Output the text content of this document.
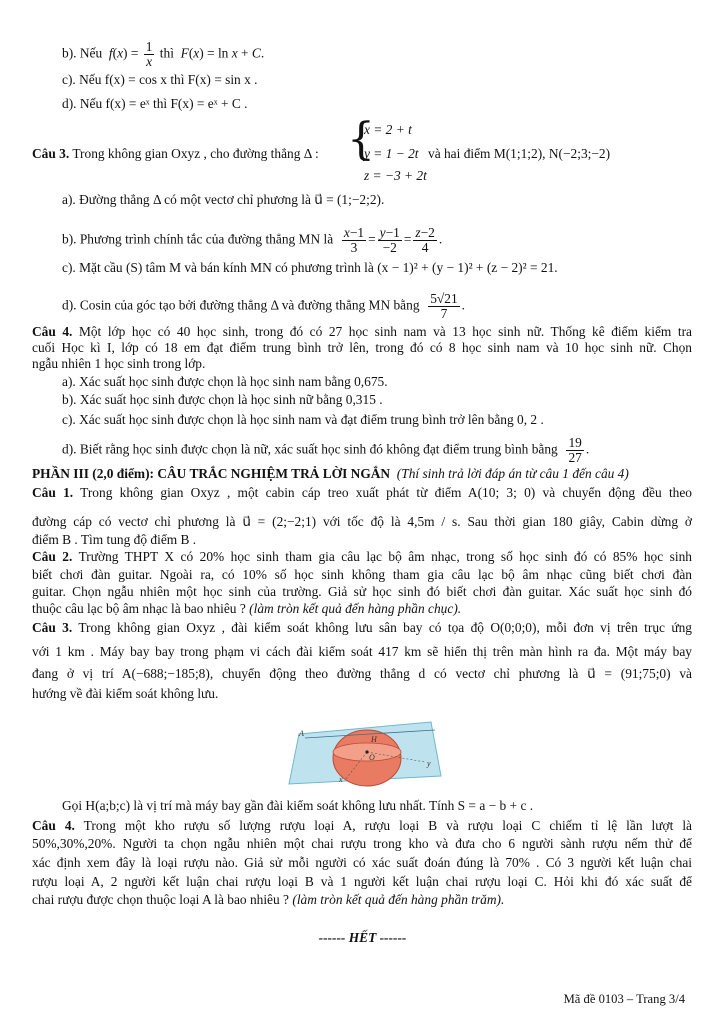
b). Nếu  $f(x) = \frac{1}{x}$ thì  F(x) = ln x + C.
c). Nếu f(x) = cos x thì F(x) = sin x .
d). Nếu f(x) = eˣ thì F(x) = eˣ + C .
Câu 3. Trong không gian Oxyz , cho đường thẳng Δ : {
x = 2 + t
y = 1 − 2t
z = −3 + 2t
và hai điểm M(1;1;2), N(−2;3;−2)
a). Đường thẳng Δ có một vectơ chỉ phương là u⃗ = (1;−2;2).
b). Phương trình chính tắc của đường thẳng MN là $\frac{x-1}{3} = \frac{y-1}{-2} = \frac{z-2}{4}$ .
c). Mặt cầu (S) tâm M và bán kính MN có phương trình là (x − 1)² + (y − 1)² + (z − 2)² = 21.
d). Cosin của góc tạo bởi đường thẳng Δ và đường thẳng MN bằng $\frac{5√21}{7}$ .
Câu 4. Một lớp học có 40 học sinh, trong đó có 27 học sinh nam và 13 học sinh nữ. Thống kê điểm kiểm tra
cuối Học kì I, lớp có 18 em đạt điểm trung bình trở lên, trong đó có 8 học sinh nam và 10 học sinh nữ. Chọn
ngẫu nhiên 1 học sinh trong lớp.
a). Xác suất học sinh được chọn là học sinh nam bằng 0,675.
b). Xác suất học sinh được chọn là học sinh nữ bằng 0,315 .
c). Xác suất học sinh được chọn là học sinh nam và đạt điểm trung bình trở lên bằng 0, 2 .
d). Biết rằng học sinh được chọn là nữ, xác suất học sinh đó không đạt điểm trung bình bằng $\frac{19}{27}$ .
PHẦN III (2,0 điểm): CÂU TRẮC NGHIỆM TRẢ LỜI NGẮN (Thí sinh trả lời đáp án từ câu 1 đến câu 4)
Câu 1. Trong không gian Oxyz , một cabin cáp treo xuất phát từ điểm A(10; 3; 0) và chuyển động đều theo
đường cáp có vectơ chỉ phương là u⃗ = (2;−2;1) với tốc độ là 4,5m / s. Sau thời gian 180 giây, Cabin dừng ở
điểm B . Tìm tung độ điểm B .
Câu 2. Trường THPT X có 20% học sinh tham gia câu lạc bộ âm nhạc, trong số học sinh đó có 85% học sinh
biết chơi đàn guitar. Ngoài ra, có 10% số học sinh không tham gia câu lạc bộ âm nhạc cũng biết chơi đàn
guitar. Chọn ngẫu nhiên một học sinh của trường. Giả sử học sinh đó biết chơi đàn guitar. Xác suất học sinh đó
thuộc câu lạc bộ âm nhạc là bao nhiêu ? (làm tròn kết quả đến hàng phần chục).
Câu 3. Trong không gian Oxyz , đài kiểm soát không lưu sân bay có tọa độ O(0;0;0), mỗi đơn vị trên trục ứng
với 1 km . Máy bay bay trong phạm vi cách đài kiểm soát 417 km sẽ hiển thị trên màn hình ra đa. Một máy bay
đang ở vị trí A(−688;−185;8), chuyển động theo đường thẳng d có vectơ chỉ phương là u⃗ = (91;75;0) và
hướng về đài kiểm soát không lưu.
A
O
H
x
y
Gọi H(a;b;c) là vị trí mà máy bay gần đài kiểm soát không lưu nhất. Tính S = a − b + c .
Câu 4. Trong một kho rượu số lượng rượu loại A, rượu loại B và rượu loại C chiếm tỉ lệ lần lượt là
50%,30%,20%. Người ta chọn ngẫu nhiên một chai rượu trong kho và đưa cho 6 người sành rượu nếm thử để
xác định xem đây là loại rượu nào. Giả sử mỗi người có xác suất đoán đúng là 70% . Có 3 người kết luận chai
rượu loại A, 2 người kết luận chai rượu loại B và 1 người kết luận chai rượu loại C. Hỏi khi đó xác suất để
chai rượu được chọn thuộc loại A là bao nhiêu ? (làm tròn kết quả đến hàng phần trăm).
------ HẾT ------
Mã đề 0103 – Trang 3/4
